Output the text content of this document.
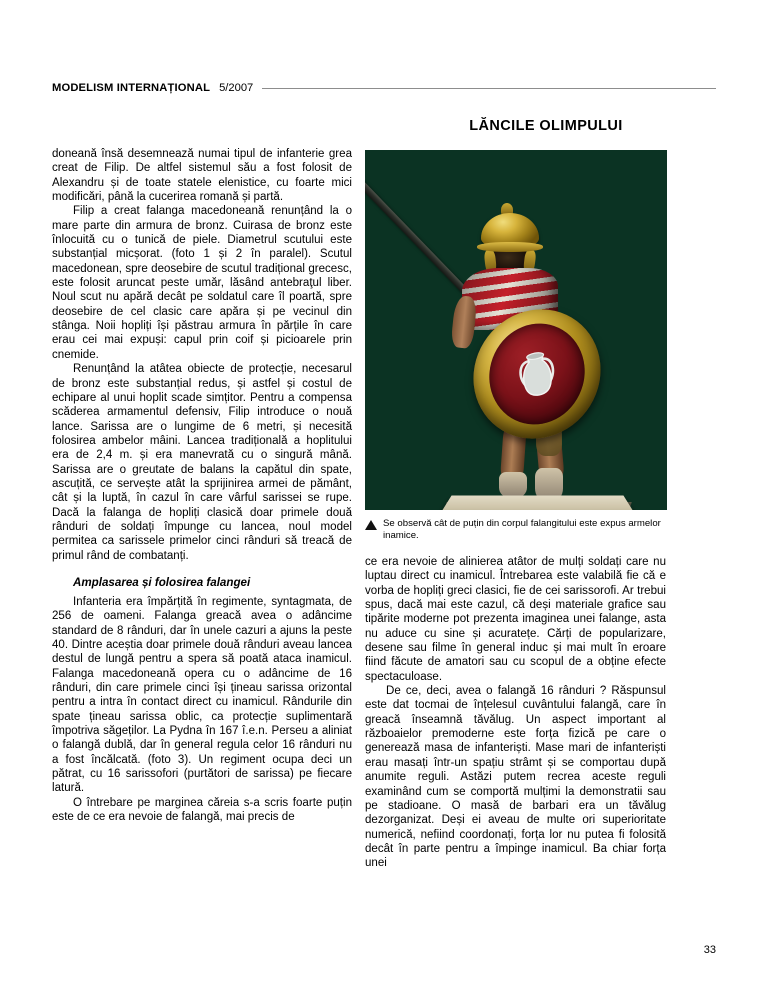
MODELISM INTERNAȚIONAL 5/2007
LĂNCILE OLIMPULUI

doneană însă desemnează numai tipul de infanterie grea creat de Filip. De altfel sistemul său a fost folosit de Alexandru și de toate statele elenistice, cu foarte mici modificări, până la cucerirea romană și partă.

Filip a creat falanga macedoneană renunțând la o mare parte din armura de bronz. Cuirasa de bronz este înlocuită cu o tunică de piele. Diametrul scutului este substanțial micșorat. (foto 1 și 2 în paralel). Scutul macedonean, spre deosebire de scutul tradițional grecesc, este folosit aruncat peste umăr, lăsând antebraţul liber. Noul scut nu apără decât pe soldatul care îl poartă, spre deosebire de cel clasic care apăra și pe vecinul din stânga. Noii hopliți își păstrau armura în părțile în care erau cei mai expuși: capul prin coif și picioarele prin cnemide.

Renunțând la atâtea obiecte de protecție, necesarul de bronz este substanțial redus, și astfel și costul de echipare al unui hoplit scade simțitor. Pentru a compensa scăderea armamentul defensiv, Filip introduce o nouă lance. Sarissa are o lungime de 6 metri, și necesită folosirea ambelor mâini. Lancea tradițională a hoplitului era de 2,4 m. și era manevrată cu o singură mână. Sarissa are o greutate de balans la capătul din spate, ascuțită, ce servește atât la sprijinirea armei de pământ, cât și la luptă, în cazul în care vârful sarissei se rupe. Dacă la falanga de hopliți clasică doar primele două rânduri de soldați împunge cu lancea, noul model permitea ca sarissele primelor cinci rânduri să treacă de primul rând de combatanți.

Amplasarea și folosirea falangei

Infanteria era împărțită în regimente, syntagmata, de 256 de oameni. Falanga greacă avea o adâncime standard de 8 rânduri, dar în unele cazuri a ajuns la peste 40. Dintre aceștia doar primele două rânduri aveau lancea destul de lungă pentru a spera să poată ataca inamicul. Falanga macedoneană opera cu o adâncime de 16 rânduri, din care primele cinci își țineau sarissa orizontal pentru a intra în contact direct cu inamicul. Rândurile din spate țineau sarissa oblic, ca protecție suplimentară împotriva săgeților. La Pydna în 167 î.e.n. Perseu a aliniat o falangă dublă, dar în general regula celor 16 rânduri nu a fost încălcată. (foto 3). Un regiment ocupa deci un pătrat, cu 16 sarissofori (purtători de sarissa) pe fiecare latură.

O întrebare pe marginea căreia s-a scris foarte puțin este de ce era nevoie de falangă, mai precis de

Se observă cât de puțin din corpul falangitului este expus armelor inamice.

ce era nevoie de alinierea atâtor de mulți soldați care nu luptau direct cu inamicul. Întrebarea este valabilă fie că e vorba de hopliți greci clasici, fie de cei sarissorofi. Ar trebui spus, dacă mai este cazul, că deși materiale grafice sau tipărite moderne pot prezenta imaginea unei falange, asta nu aduce cu sine și acuratețe. Cărți de popularizare, desene sau filme în general induc și mai mult în eroare fiind făcute de amatori sau cu scopul de a obține efecte spectaculoase.

De ce, deci, avea o falangă 16 rânduri ? Răspunsul este dat tocmai de înțelesul cuvântului falangă, care în greacă înseamnă tăvălug. Un aspect important al războaielor premoderne este forța fizică pe care o generează masa de infanteriști. Mase mari de infanteriști erau masați într-un spațiu strâmt și se comportau după anumite reguli. Astăzi putem recrea aceste reguli examinând cum se comportă mulțimi la demonstratii sau pe stadioane. O masă de barbari era un tăvălug dezorganizat. Deși ei aveau de multe ori superioritate numerică, nefiind coordonați, forța lor nu putea fi folosită decât în parte pentru a împinge inamicul. Ba chiar forța unei

33
